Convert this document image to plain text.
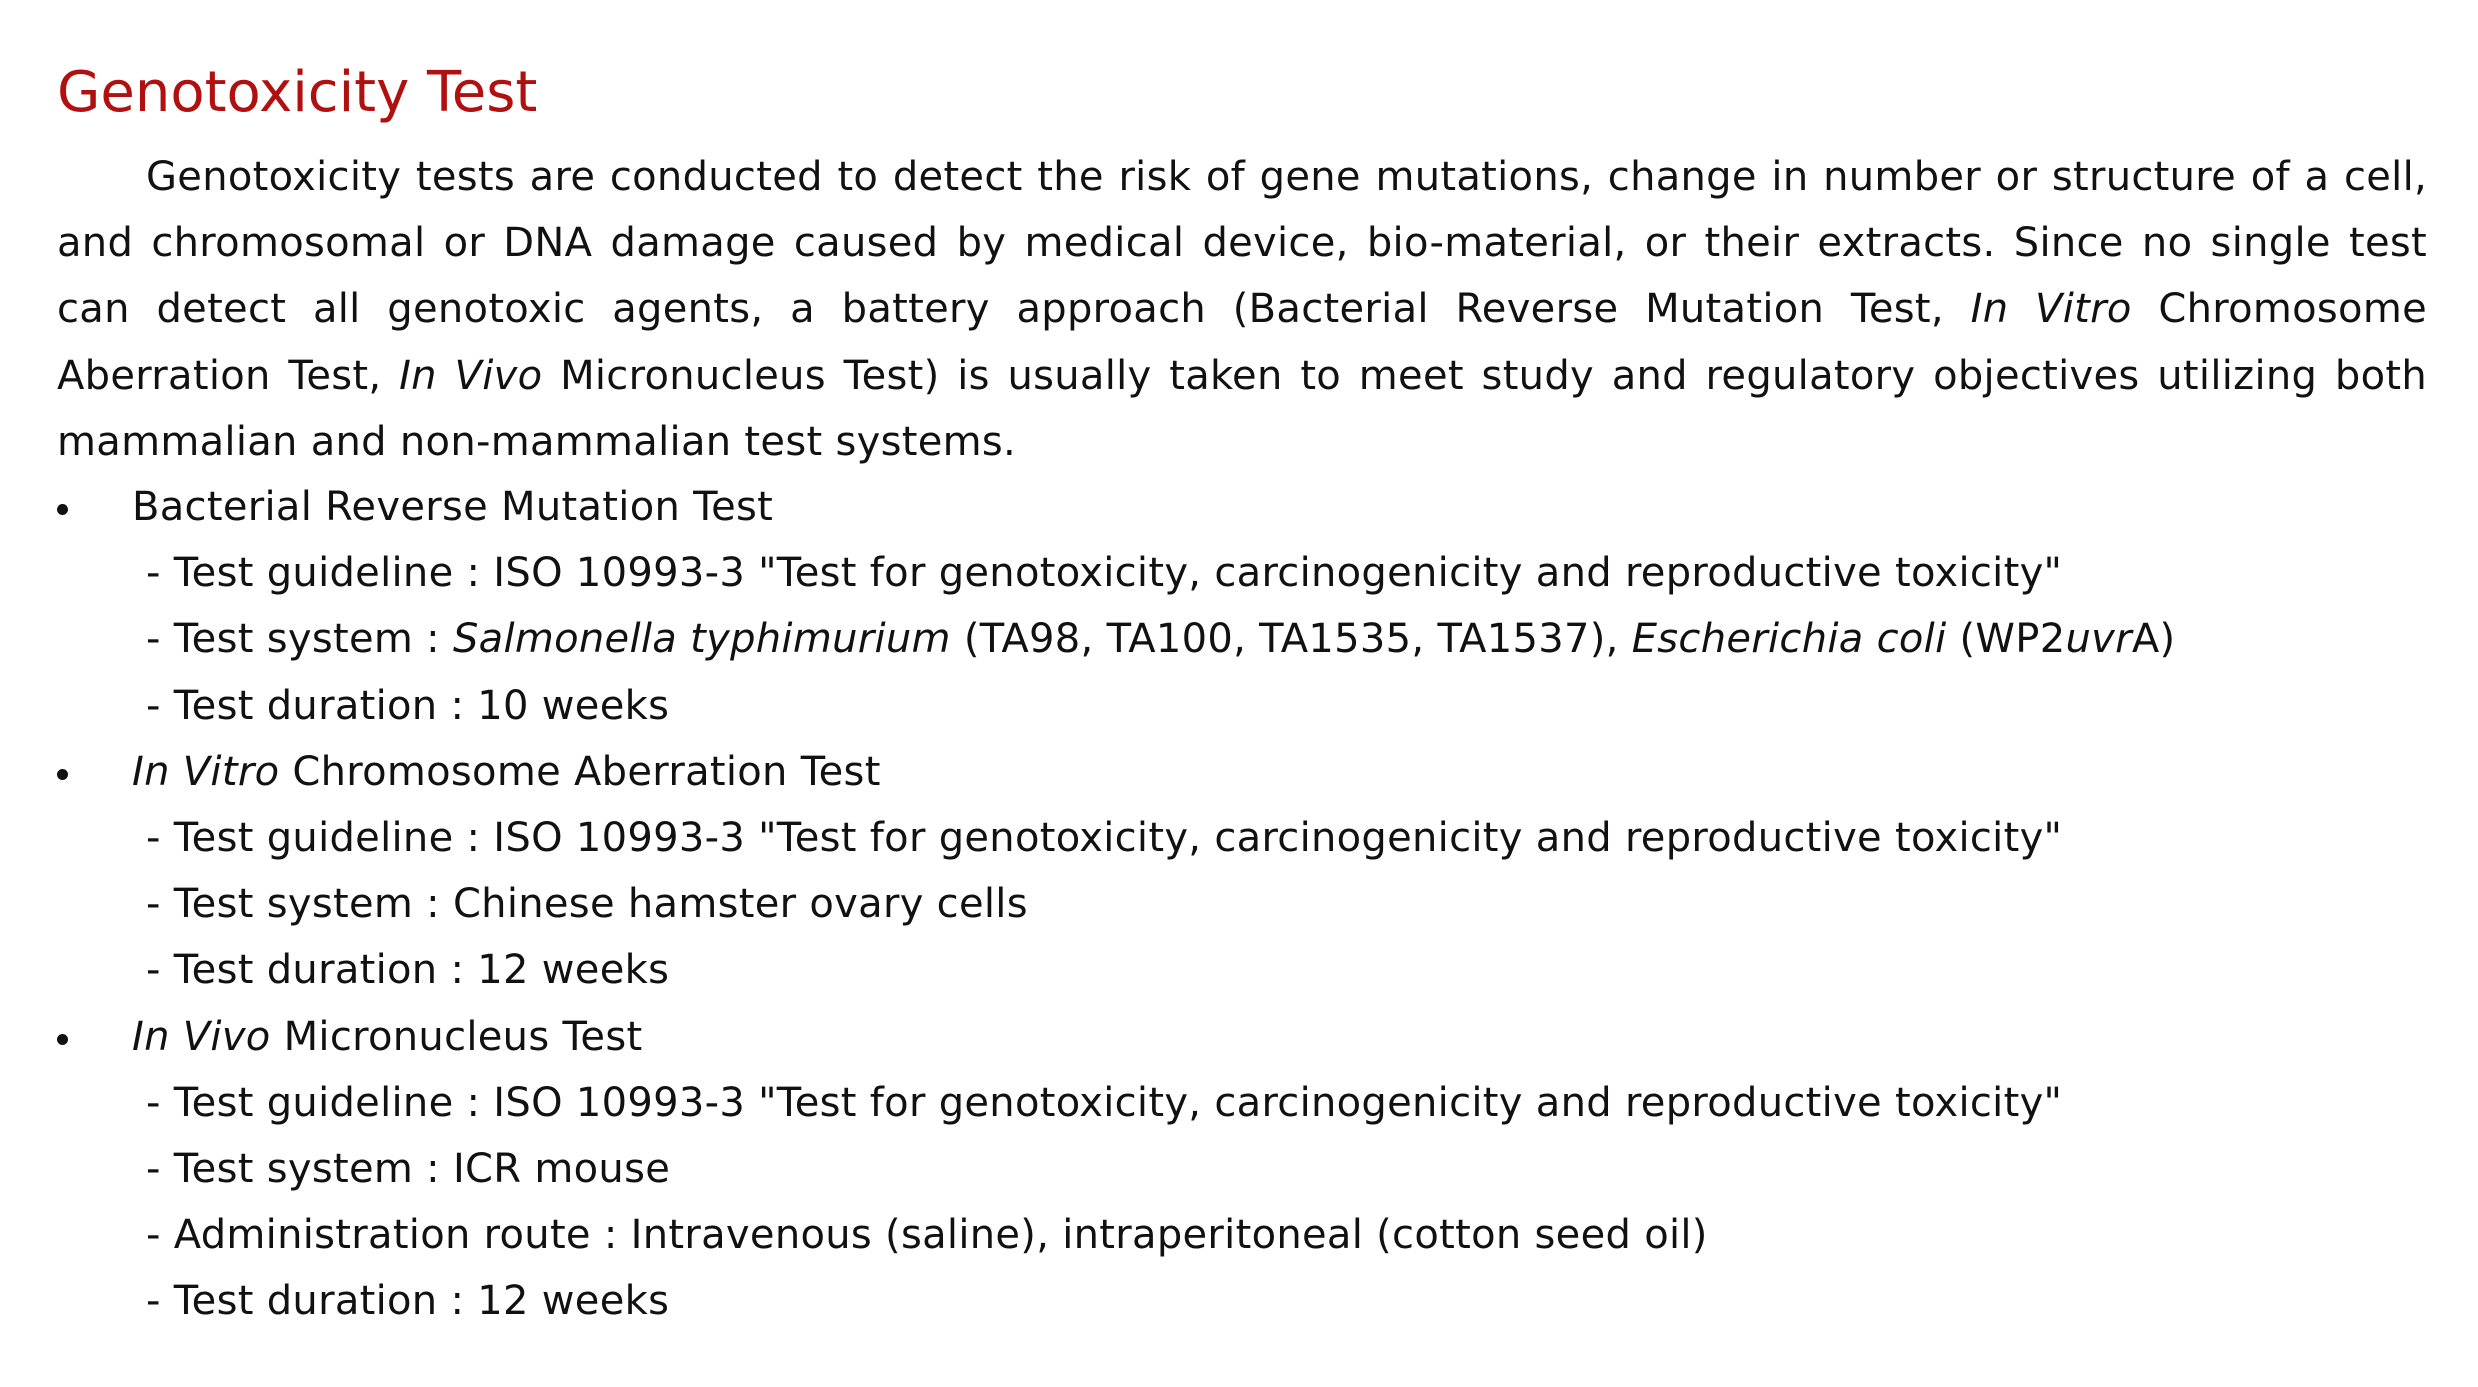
Genotoxicity Test

Genotoxicity tests are conducted to detect the risk of gene mutations, change in number or structure of a cell, and chromosomal or DNA damage caused by medical device, bio-material, or their extracts. Since no single test can detect all genotoxic agents, a battery approach (Bacterial Reverse Mutation Test, In Vitro Chromosome Aberration Test, In Vivo Micronucleus Test) is usually taken to meet study and regulatory objectives utilizing both mammalian and non-mammalian test systems.

Bacterial Reverse Mutation Test
- Test guideline : ISO 10993-3 "Test for genotoxicity, carcinogenicity and reproductive toxicity"
- Test system : Salmonella typhimurium (TA98, TA100, TA1535, TA1537), Escherichia coli (WP2uvrA)
- Test duration : 10 weeks
In Vitro Chromosome Aberration Test
- Test guideline : ISO 10993-3 "Test for genotoxicity, carcinogenicity and reproductive toxicity"
- Test system : Chinese hamster ovary cells
- Test duration : 12 weeks
In Vivo Micronucleus Test
- Test guideline : ISO 10993-3 "Test for genotoxicity, carcinogenicity and reproductive toxicity"
- Test system : ICR mouse
- Administration route : Intravenous (saline), intraperitoneal (cotton seed oil)
- Test duration : 12 weeks
